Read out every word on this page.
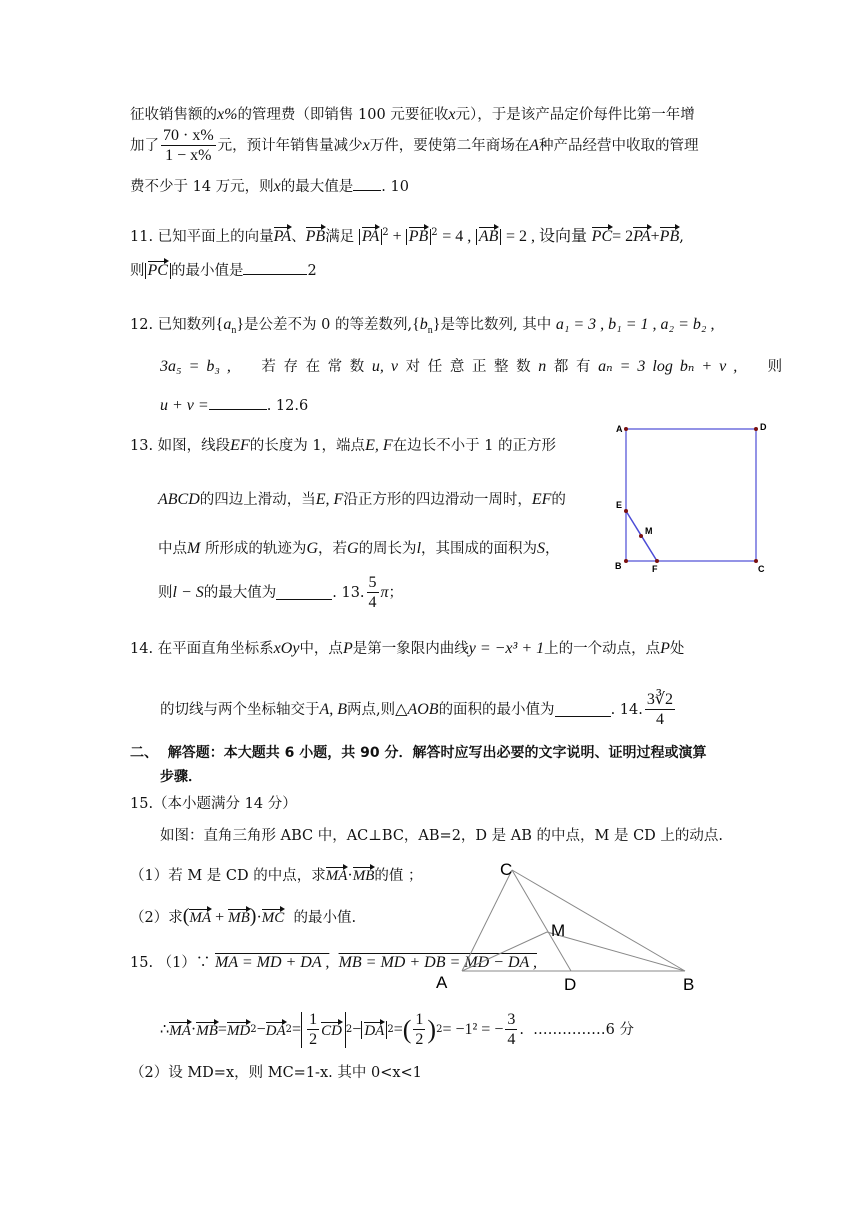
征收销售额的x%的管理费（即销售 100 元要征收x元），于是该产品定价每件比第一年增
加了 $\frac{70 \cdot x\%}{1 - x\%}$ 元，预计年销售量减少 x 万件，要使第二年商场在 A 种产品经营中收取的管理
费不少于 14 万元，则x的最大值是 . 10
11. 已知平面上的向量PA、PB满足 PA $^2$ + PB $^2$ = 4 , AB = 2 , 设向量 PC= 2PA+PB,
则 PC 的最小值是	2
12. 已知数列$\{a_n\}$是公差不为 0 的等差数列$,\{b_n\}$是等比数列, 其中 a₁ = 3 , b₁ = 1 , a₂ = b₂ ,
3a₅ = b₃ , 若 存 在 常 数 u, v 对 任 意 正 整 数 n 都 有 aₙ = 3 log bₙ + v , 则
u + v =	. 12.6
13. 如图，线段EF的长度为 1，端点E, F在边长不小于 1 的正方形
ABCD的四边上滑动，当E, F沿正方形的四边滑动一周时，EF的
中点M 所形成的轨迹为G，若G的周长为l，其围成的面积为S，
则 l − S 的最大值为	. 13. $\frac{5}{4}$ π ；
A	D
E
M
B	F	C
14. 在平面直角坐标系xOy中，点P是第一象限内曲线y = −x³ + 1上的一个动点，点P处
的切线与两个坐标轴交于 A, B 两点,则 △AOB 的面积的最小值为	. 14. $\frac{3∛2}{4}$
二、 解答题：本大题共 6 小题，共 90 分．解答时应写出必要的文字说明、证明过程或演算
步骤．
15.（本小题满分 14 分）
如图：直角三角形 ABC 中，AC⊥BC，AB=2，D 是 AB 的中点，M 是 CD 上的动点.
（1）若 M 是 CD 的中点，求MA·MB的值 ；
（2）求(MA + MB)·MC 的最小值.
15. （1）∵ MA = MD + DA , MB = MD + DB = MD − DA ,
∴ MA · MB = MD 2 − DA $2 = \frac{1}{2}$ CD 2 − DA 2 = ( $\frac{1}{2}$ ) 2 = −1² = − $\frac{3}{4}$ .
……………6 分
（2）设 MD=x，则 MC=1-x. 其中 0<x<1
C
M
A	D	B
